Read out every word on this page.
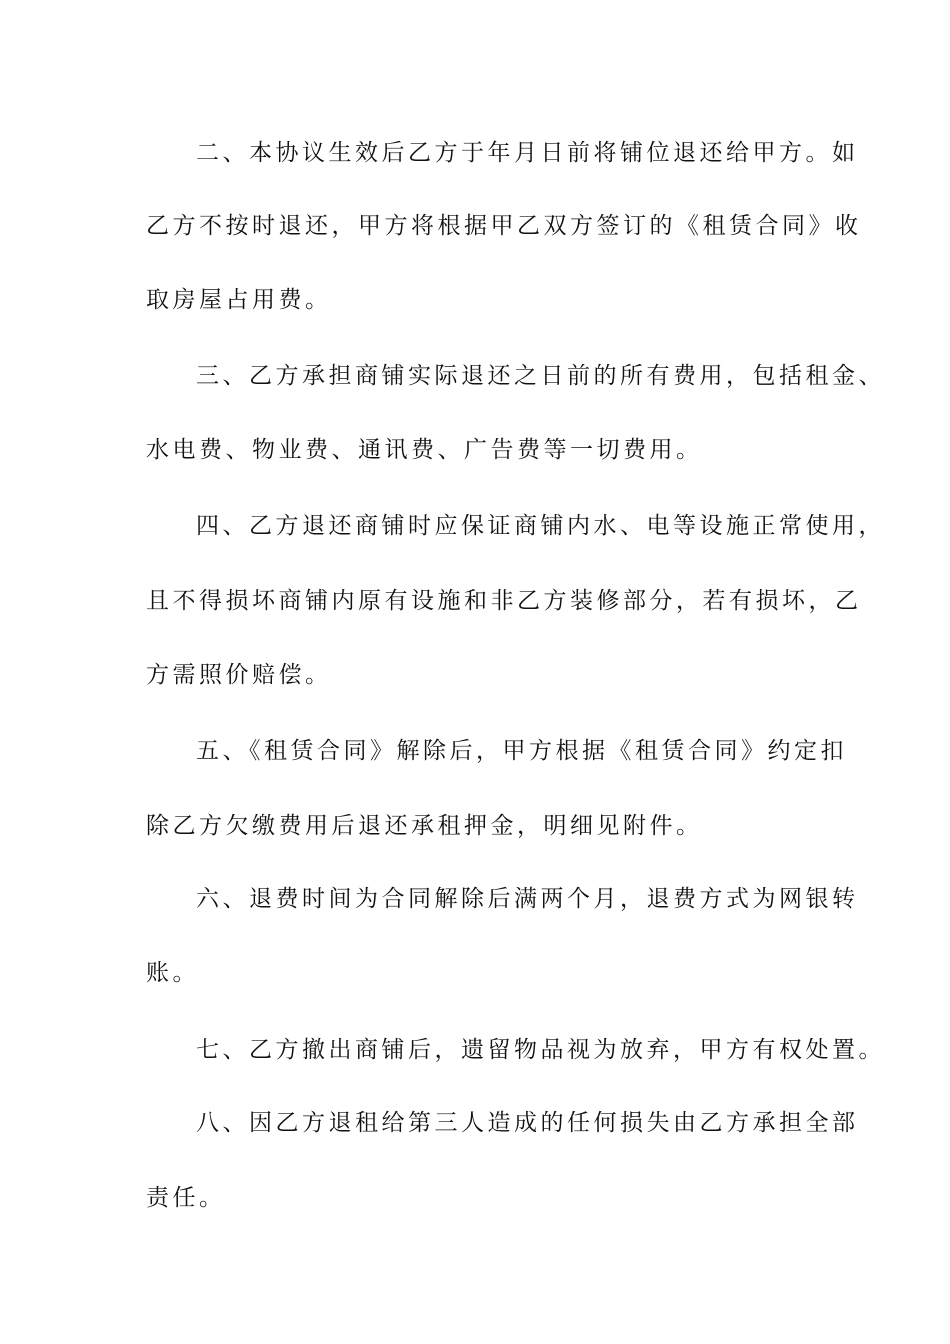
二、本协议生效后乙方于年月日前将铺位退还给甲方。如
乙方不按时退还，甲方将根据甲乙双方签订的《租赁合同》收
取房屋占用费。
三、乙方承担商铺实际退还之日前的所有费用，包括租金、
水电费、物业费、通讯费、广告费等一切费用。
四、乙方退还商铺时应保证商铺内水、电等设施正常使用，
且不得损坏商铺内原有设施和非乙方装修部分，若有损坏，乙
方需照价赔偿。
五、《租赁合同》解除后，甲方根据《租赁合同》约定扣
除乙方欠缴费用后退还承租押金，明细见附件。
六、退费时间为合同解除后满两个月，退费方式为网银转
账。
七、乙方撤出商铺后，遗留物品视为放弃，甲方有权处置。
八、因乙方退租给第三人造成的任何损失由乙方承担全部
责任。
